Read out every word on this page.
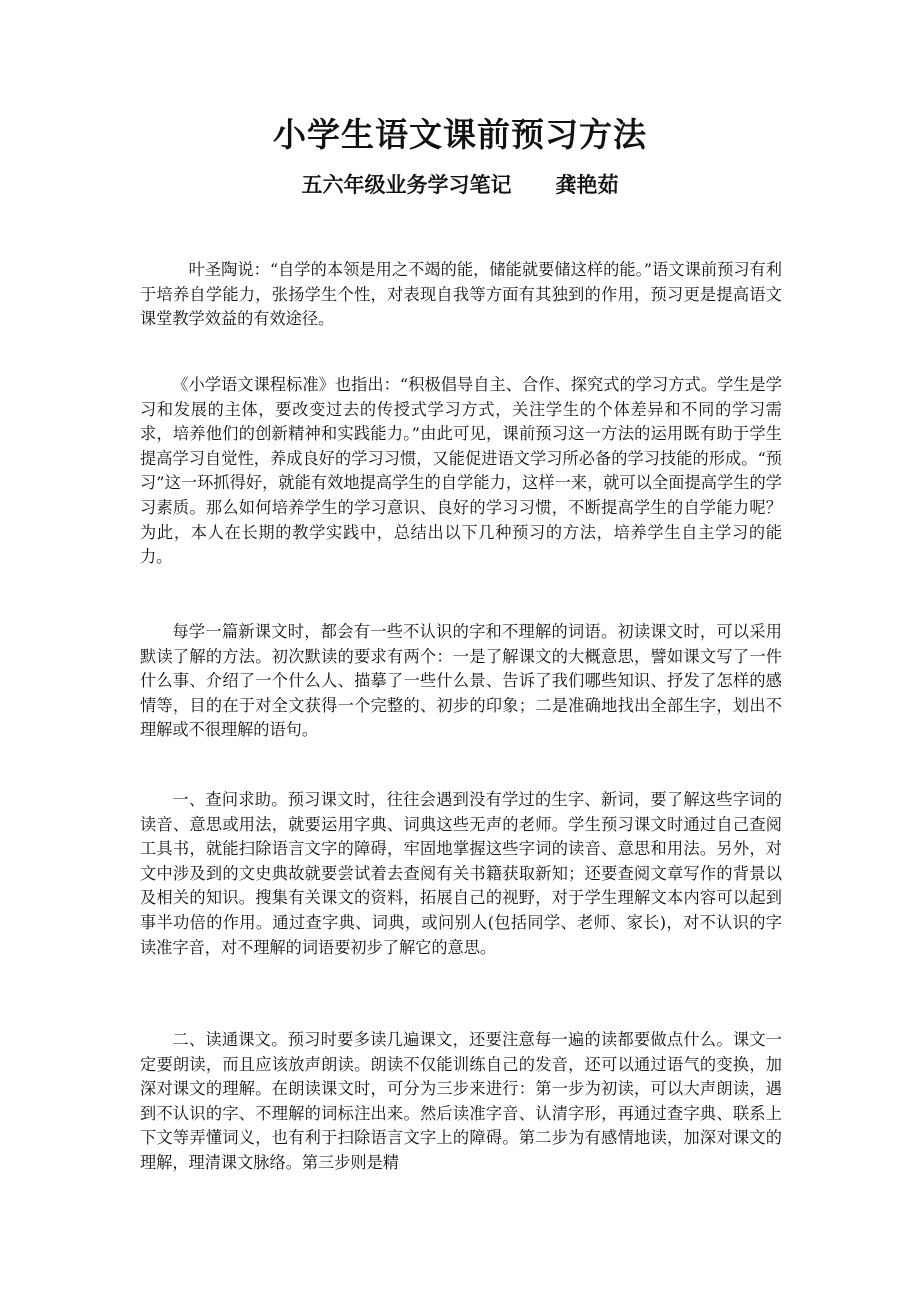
小学生语文课前预习方法
五六年级业务学习笔记 龚艳茹

叶圣陶说：“自学的本领是用之不竭的能，储能就要储这样的能。”语文课前预习有利于培养自学能力，张扬学生个性，对表现自我等方面有其独到的作用，预习更是提高语文课堂教学效益的有效途径。

《小学语文课程标准》也指出：“积极倡导自主、合作、探究式的学习方式。学生是学习和发展的主体，要改变过去的传授式学习方式，关注学生的个体差异和不同的学习需求，培养他们的创新精神和实践能力。”由此可见，课前预习这一方法的运用既有助于学生提高学习自觉性，养成良好的学习习惯，又能促进语文学习所必备的学习技能的形成。“预习”这一环抓得好，就能有效地提高学生的自学能力，这样一来，就可以全面提高学生的学习素质。那么如何培养学生的学习意识、良好的学习习惯，不断提高学生的自学能力呢？为此，本人在长期的教学实践中，总结出以下几种预习的方法，培养学生自主学习的能力。

每学一篇新课文时，都会有一些不认识的字和不理解的词语。初读课文时，可以采用默读了解的方法。初次默读的要求有两个：一是了解课文的大概意思，譬如课文写了一件什么事、介绍了一个什么人、描摹了一些什么景、告诉了我们哪些知识、抒发了怎样的感情等，目的在于对全文获得一个完整的、初步的印象；二是准确地找出全部生字，划出不理解或不很理解的语句。

一、查问求助。预习课文时，往往会遇到没有学过的生字、新词，要了解这些字词的读音、意思或用法，就要运用字典、词典这些无声的老师。学生预习课文时通过自己查阅工具书，就能扫除语言文字的障碍，牢固地掌握这些字词的读音、意思和用法。另外，对文中涉及到的文史典故就要尝试着去查阅有关书籍获取新知；还要查阅文章写作的背景以及相关的知识。搜集有关课文的资料，拓展自己的视野，对于学生理解文本内容可以起到事半功倍的作用。通过查字典、词典，或问别人(包括同学、老师、家长)，对不认识的字读准字音，对不理解的词语要初步了解它的意思。

二、读通课文。预习时要多读几遍课文，还要注意每一遍的读都要做点什么。课文一定要朗读，而且应该放声朗读。朗读不仅能训练自己的发音，还可以通过语气的变换，加深对课文的理解。在朗读课文时，可分为三步来进行：第一步为初读，可以大声朗读，遇到不认识的字、不理解的词标注出来。然后读准字音、认清字形，再通过查字典、联系上下文等弄懂词义，也有利于扫除语言文字上的障碍。第二步为有感情地读，加深对课文的理解，理清课文脉络。第三步则是精
